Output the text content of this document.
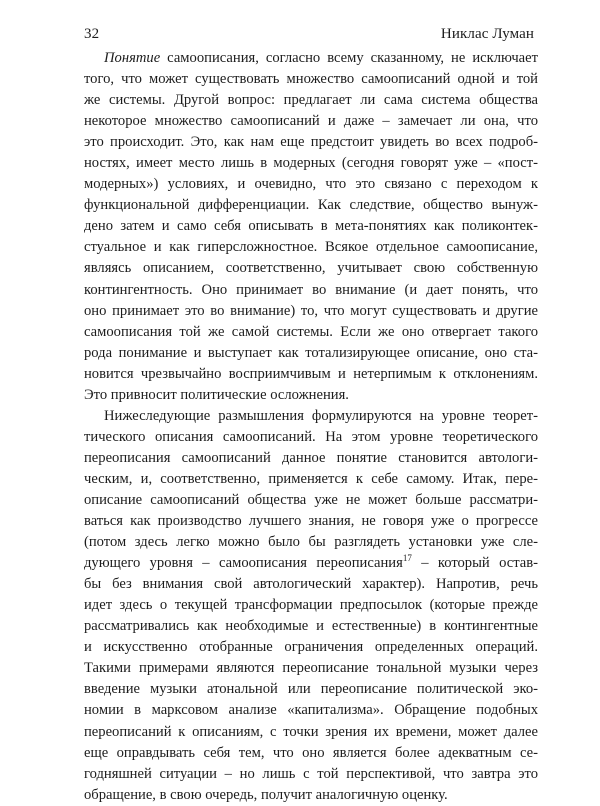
32	Никлас Луман
Понятие самоописания, согласно всему сказанному, не исключает
того, что может существовать множество самоописаний одной и той
же системы. Другой вопрос: предлагает ли сама система общества
некоторое множество самоописаний и даже – замечает ли она, что
это происходит. Это, как нам еще предстоит увидеть во всех подроб-
ностях, имеет место лишь в модерных (сегодня говорят уже – «пост-
модерных») условиях, и очевидно, что это связано с переходом к
функциональной дифференциации. Как следствие, общество вынуж-
дено затем и само себя описывать в мета-понятиях как поликонтек-
стуальное и как гиперсложностное. Всякое отдельное самоописание,
являясь описанием, соответственно, учитывает свою собственную
контингентность. Оно принимает во внимание (и дает понять, что
оно принимает это во внимание) то, что могут существовать и другие
самоописания той же самой системы. Если же оно отвергает такого
рода понимание и выступает как тотализирующее описание, оно ста-
новится чрезвычайно восприимчивым и нетерпимым к отклонениям.
Это привносит политические осложнения.
Нижеследующие размышления формулируются на уровне теорет-
тического описания самоописаний. На этом уровне теоретического
переописания самоописаний данное понятие становится автологи-
ческим, и, соответственно, применяется к себе самому. Итак, пере-
описание самоописаний общества уже не может больше рассматри-
ваться как производство лучшего знания, не говоря уже о прогрессе
(потом здесь легко можно было бы разглядеть установки уже сле-
дующего уровня – самоописания переописания$^{17}$ – который остав-
бы без внимания свой автологический характер). Напротив, речь
идет здесь о текущей трансформации предпосылок (которые прежде
рассматривались как необходимые и естественные) в контингентные
и искусственно отобранные ограничения определенных операций.
Такими примерами являются переописание тональной музыки через
введение музыки атональной или переописание политической эко-
номии в марксовом анализе «капитализма». Обращение подобных
переописаний к описаниям, с точки зрения их времени, может далее
еще оправдывать себя тем, что оно является более адекватным се-
годняшней ситуации – но лишь с той перспективой, что завтра это
обращение, в свою очередь, получит аналогичную оценку.
